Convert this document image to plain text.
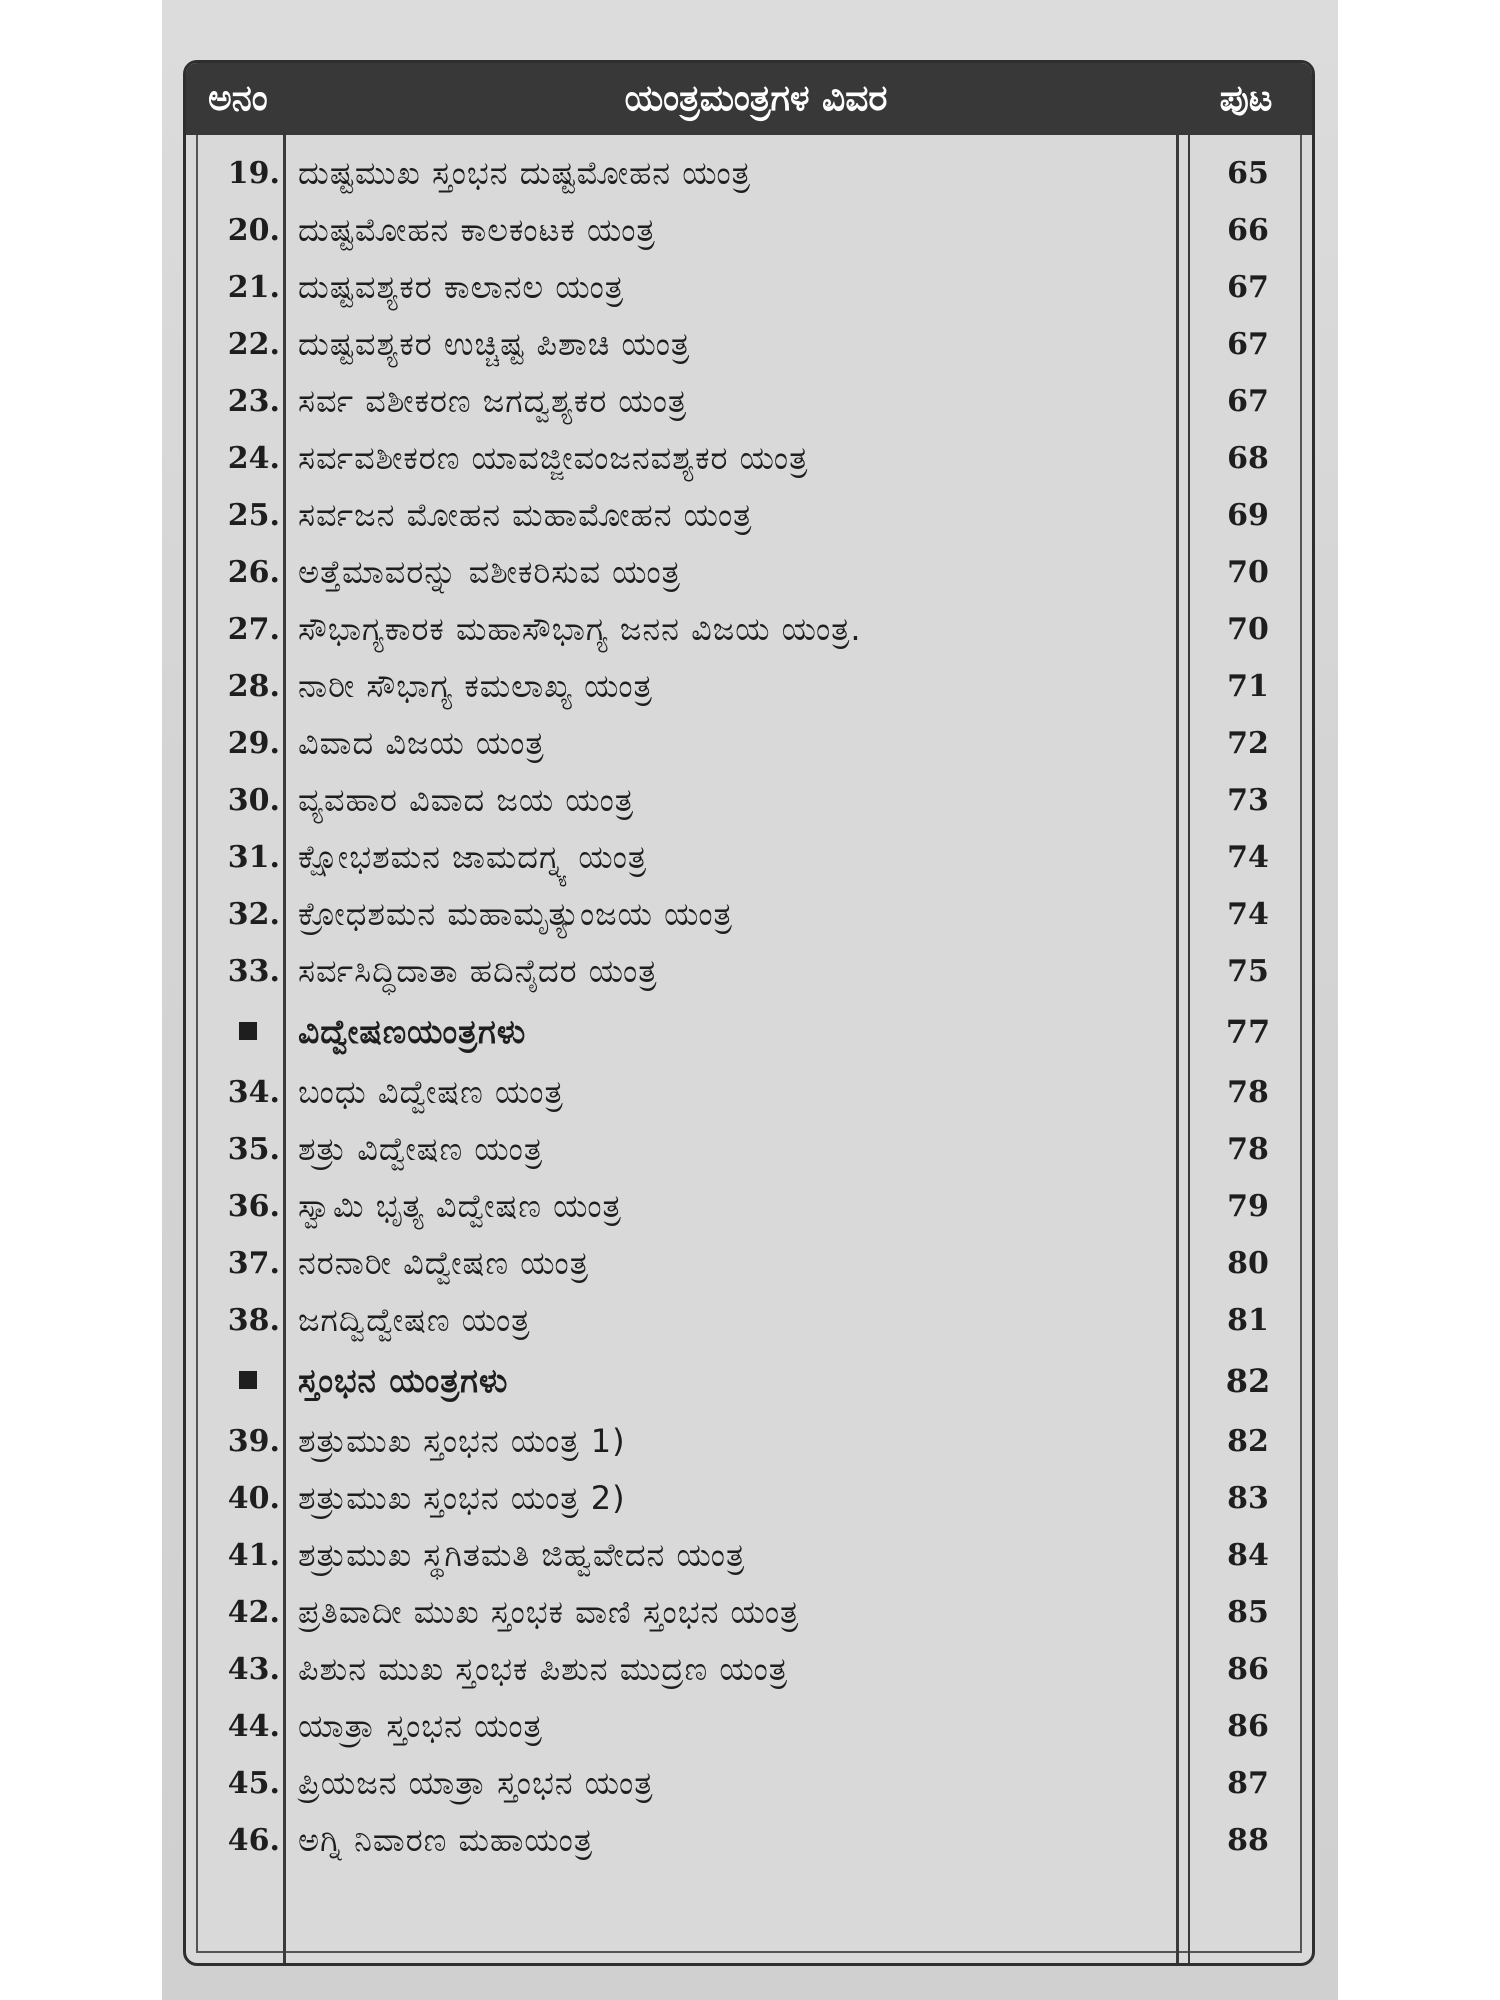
ಅನಂ	ಯಂತ್ರಮಂತ್ರಗಳ ವಿವರ	ಪುಟ
19. ದುಷ್ಟಮುಖ ಸ್ತಂಭನ ದುಷ್ಟಮೋಹನ ಯಂತ್ರ	65
20. ದುಷ್ಟಮೋಹನ ಕಾಲಕಂಟಕ ಯಂತ್ರ	66
21. ದುಷ್ಟವಶ್ಯಕರ ಕಾಲಾನಲ ಯಂತ್ರ	67
22. ದುಷ್ಟವಶ್ಯಕರ ಉಚ್ಚಿಷ್ಟ ಪಿಶಾಚಿ ಯಂತ್ರ	67
23. ಸರ್ವ ವಶೀಕರಣ ಜಗದ್ವಶ್ಯಕರ ಯಂತ್ರ	67
24. ಸರ್ವವಶೀಕರಣ ಯಾವಜ್ಜೀವಂಜನವಶ್ಯಕರ ಯಂತ್ರ	68
25. ಸರ್ವಜನ ಮೋಹನ ಮಹಾಮೋಹನ ಯಂತ್ರ	69
26. ಅತ್ತೆಮಾವರನ್ನು ವಶೀಕರಿಸುವ ಯಂತ್ರ	70
27. ಸೌಭಾಗ್ಯಕಾರಕ ಮಹಾಸೌಭಾಗ್ಯ ಜನನ ವಿಜಯ ಯಂತ್ರ.	70
28. ನಾರೀ ಸೌಭಾಗ್ಯ ಕಮಲಾಖ್ಯ ಯಂತ್ರ	71
29. ವಿವಾದ ವಿಜಯ ಯಂತ್ರ	72
30. ವ್ಯವಹಾರ ವಿವಾದ ಜಯ ಯಂತ್ರ	73
31. ಕ್ಷೋಭಶಮನ ಜಾಮದಗ್ನ್ಯ ಯಂತ್ರ	74
32. ಕ್ರೋಧಶಮನ ಮಹಾಮೃತ್ಯುಂಜಯ ಯಂತ್ರ	74
33. ಸರ್ವಸಿದ್ಧಿದಾತಾ ಹದಿನೈದರ ಯಂತ್ರ	75
ವಿದ್ವೇಷಣಯಂತ್ರಗಳು	77
34. ಬಂಧು ವಿದ್ವೇಷಣ ಯಂತ್ರ	78
35. ಶತ್ರು ವಿದ್ವೇಷಣ ಯಂತ್ರ	78
36. ಸ್ವಾಮಿ ಭೃತ್ಯ ವಿದ್ವೇಷಣ ಯಂತ್ರ	79
37. ನರನಾರೀ ವಿದ್ವೇಷಣ ಯಂತ್ರ	80
38. ಜಗದ್ವಿದ್ವೇಷಣ ಯಂತ್ರ	81
ಸ್ತಂಭನ ಯಂತ್ರಗಳು	82
39. ಶತ್ರುಮುಖ ಸ್ತಂಭನ ಯಂತ್ರ 1)	82
40. ಶತ್ರುಮುಖ ಸ್ತಂಭನ ಯಂತ್ರ 2)	83
41. ಶತ್ರುಮುಖ ಸ್ಥಗಿತಮತಿ ಜಿಹ್ವವೇದನ ಯಂತ್ರ	84
42. ಪ್ರತಿವಾದೀ ಮುಖ ಸ್ತಂಭಕ ವಾಣಿ ಸ್ತಂಭನ ಯಂತ್ರ	85
43. ಪಿಶುನ ಮುಖ ಸ್ತಂಭಕ ಪಿಶುನ ಮುದ್ರಣ ಯಂತ್ರ	86
44. ಯಾತ್ರಾ ಸ್ತಂಭನ ಯಂತ್ರ	86
45. ಪ್ರಿಯಜನ ಯಾತ್ರಾ ಸ್ತಂಭನ ಯಂತ್ರ	87
46. ಅಗ್ನಿ ನಿವಾರಣ ಮಹಾಯಂತ್ರ	88
